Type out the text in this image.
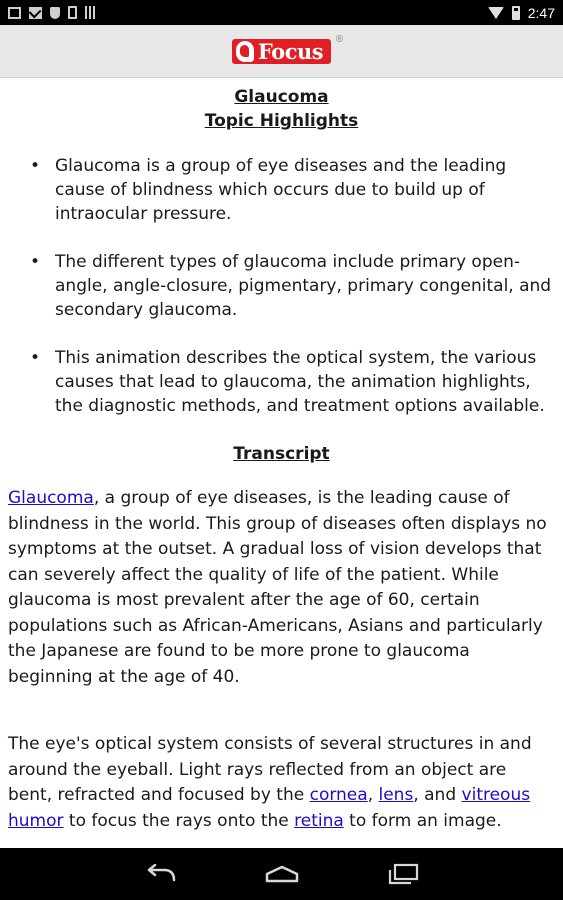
2:47
Focus ®
Glaucoma
Topic Highlights
• Glaucoma is a group of eye diseases and the leading cause of blindness which occurs due to build up of intraocular pressure.
• The different types of glaucoma include primary open-angle, angle-closure, pigmentary, primary congenital, and secondary glaucoma.
• This animation describes the optical system, the various causes that lead to glaucoma, the animation highlights, the diagnostic methods, and treatment options available.
Transcript

Glaucoma, a group of eye diseases, is the leading cause of blindness in the world. This group of diseases often displays no symptoms at the outset. A gradual loss of vision develops that can severely affect the quality of life of the patient. While glaucoma is most prevalent after the age of 60, certain populations such as African-Americans, Asians and particularly the Japanese are found to be more prone to glaucoma beginning at the age of 40.

The eye's optical system consists of several structures in and around the eyeball. Light rays reflected from an object are bent, refracted and focused by the cornea, lens, and vitreous humor to focus the rays onto the retina to form an image.
